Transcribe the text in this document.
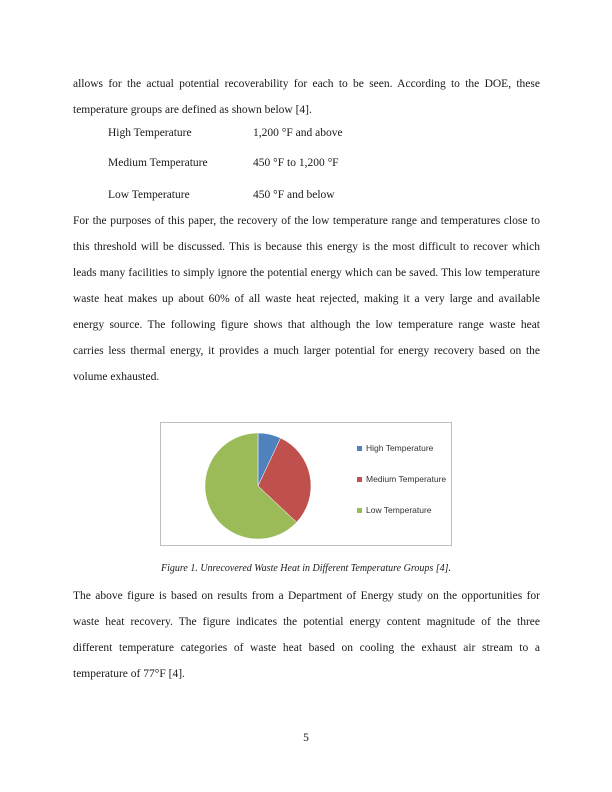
allows for the actual potential recoverability for each to be seen. According to the DOE, these temperature groups are defined as shown below [4].

High Temperature	1,200 °F and above
Medium Temperature	450 °F to 1,200 °F
Low Temperature	450 °F and below

For the purposes of this paper, the recovery of the low temperature range and temperatures close to this threshold will be discussed. This is because this energy is the most difficult to recover which leads many facilities to simply ignore the potential energy which can be saved. This low temperature waste heat makes up about 60% of all waste heat rejected, making it a very large and available energy source. The following figure shows that although the low temperature range waste heat carries less thermal energy, it provides a much larger potential for energy recovery based on the volume exhausted.

High Temperature
Medium Temperature
Low Temperature
Figure 1. Unrecovered Waste Heat in Different Temperature Groups [4].

The above figure is based on results from a Department of Energy study on the opportunities for waste heat recovery. The figure indicates the potential energy content magnitude of the three different temperature categories of waste heat based on cooling the exhaust air stream to a temperature of 77°F [4].

5
